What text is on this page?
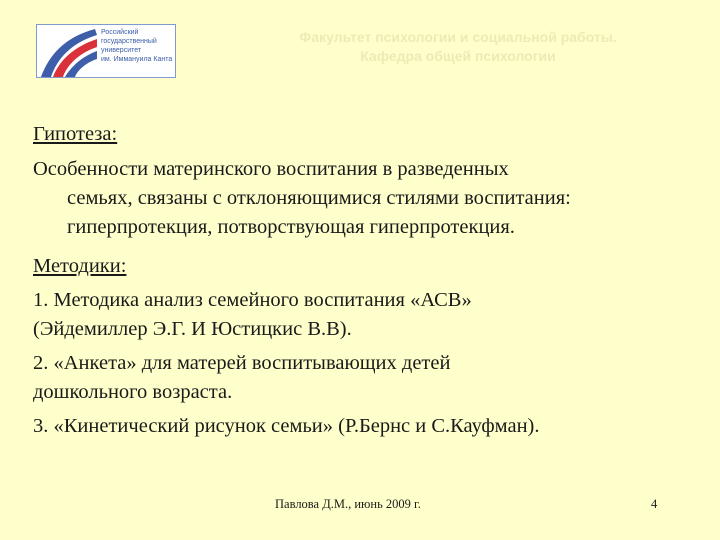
Российский
государственный
университет
им. Иммануила Канта
Факультет психологии и социальной работы.
Кафедра общей психологии

Гипотеза:

Особенности материнского воспитания в разведенных

семьях, связаны с отклоняющимися стилями воспитания:

гиперпротекция, потворствующая гиперпротекция.

Методики:

1. Методика анализ семейного воспитания «АСВ»

(Эйдемиллер Э.Г. И Юстицкис В.В).

2. «Анкета» для матерей воспитывающих детей

дошкольного возраста.

3. «Кинетический рисунок семьи» (Р.Бернс и С.Кауфман).

Павлова Д.М., июнь 2009 г.	4
